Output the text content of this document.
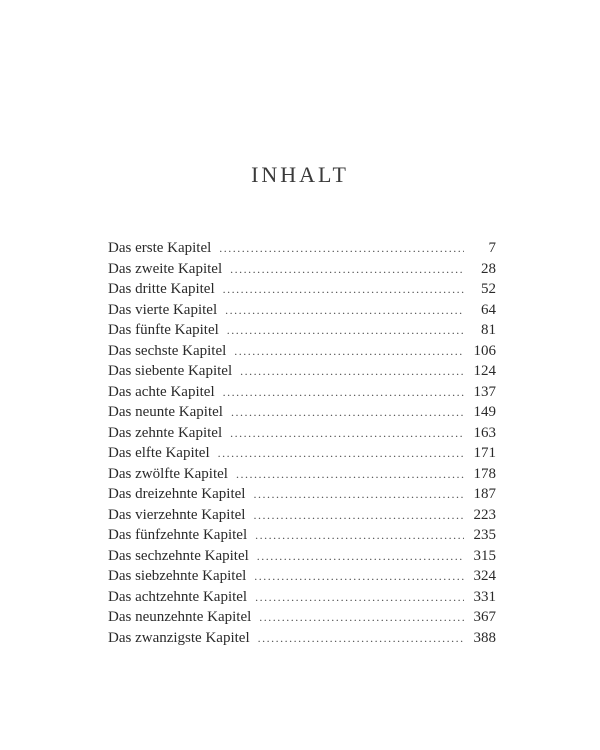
INHALT
Das erste Kapitel .....	7
Das zweite Kapitel .....	28
Das dritte Kapitel .....	52
Das vierte Kapitel .....	64
Das fünfte Kapitel .....	81
Das sechste Kapitel .....	106
Das siebente Kapitel .....	124
Das achte Kapitel .....	137
Das neunte Kapitel .....	149
Das zehnte Kapitel .....	163
Das elfte Kapitel .....	171
Das zwölfte Kapitel .....	178
Das dreizehnte Kapitel .....	187
Das vierzehnte Kapitel .....	223
Das fünfzehnte Kapitel .....	235
Das sechzehnte Kapitel .....	315
Das siebzehnte Kapitel .....	324
Das achtzehnte Kapitel .....	331
Das neunzehnte Kapitel .....	367
Das zwanzigste Kapitel .....	388
